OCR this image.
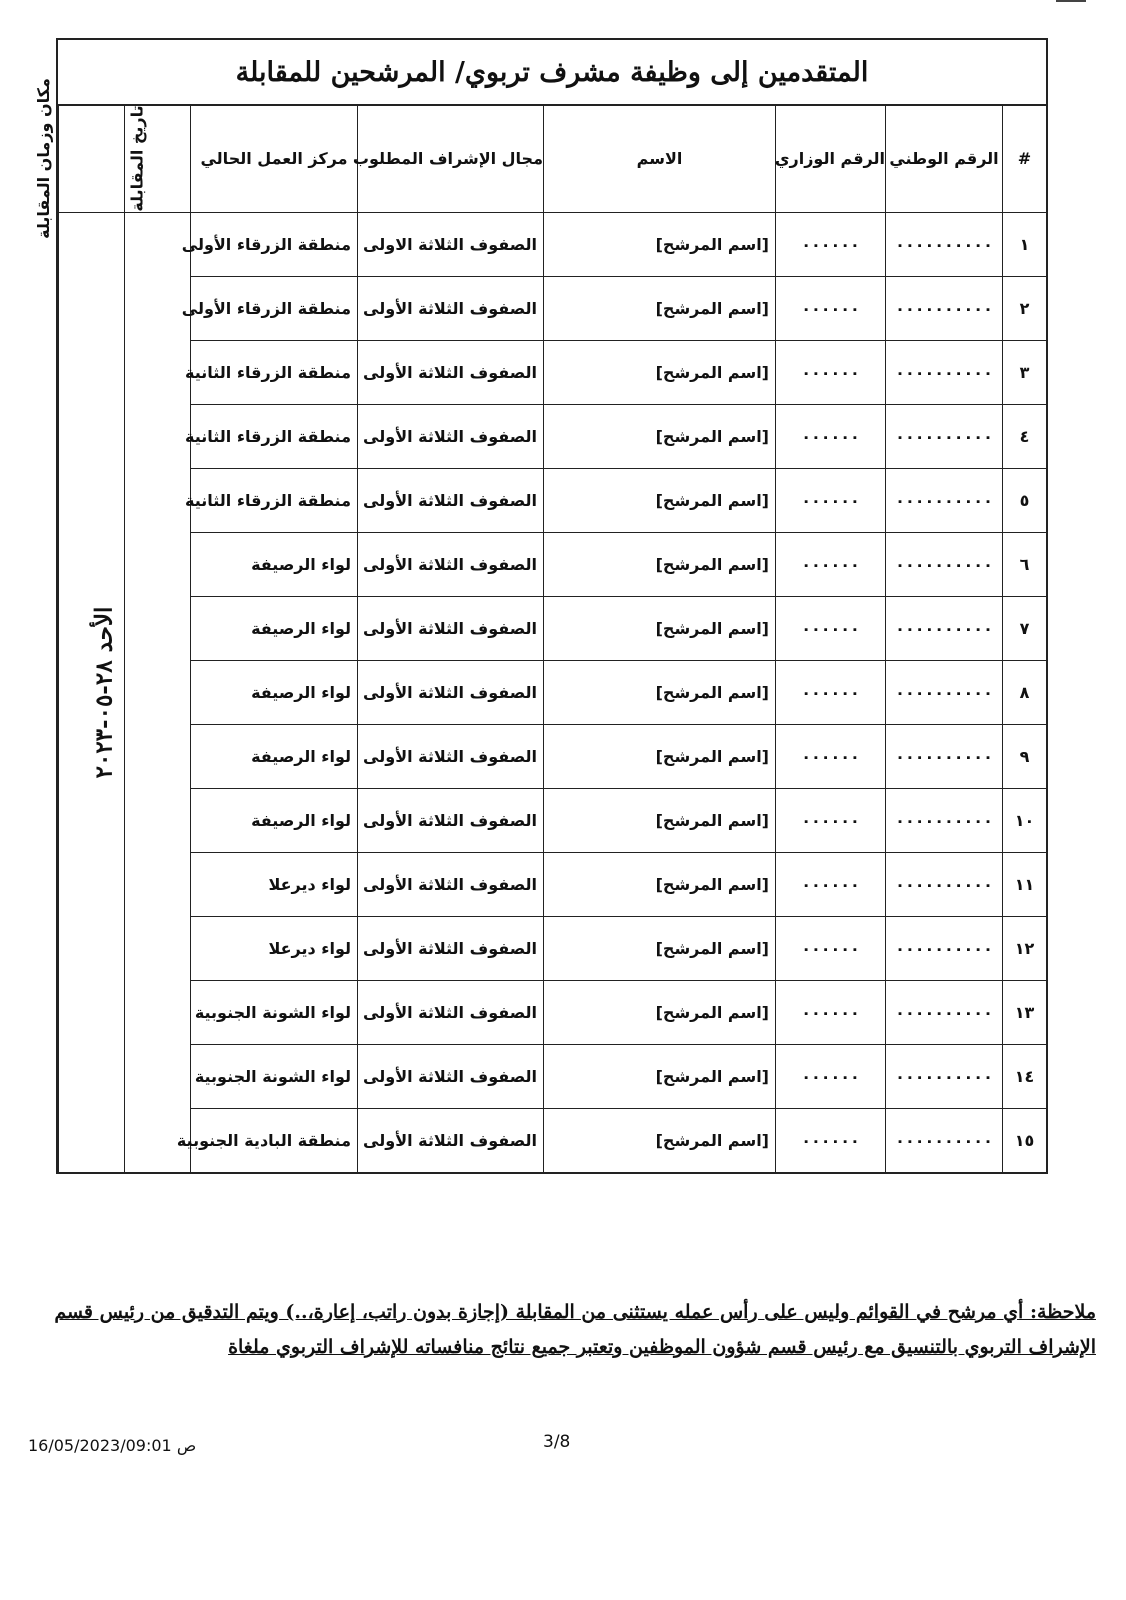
المتقدمين إلى وظيفة مشرف تربوي/ المرشحين للمقابلة
مكان وزمان المقابلة	تاريخ المقابلة	مركز العمل الحالي	مجال الإشراف المطلوب	الاسم	الرقم الوزاري	الرقم الوطني	#
	الأحد ٢٨-٠٥-٢٠٢٣	منطقة الزرقاء الأولى	الصفوف الثلاثة الاولى	[اسم المرشح]	٠٠٠٠٠٠	٠٠٠٠٠٠٠٠٠٠	١
		منطقة الزرقاء الأولى	الصفوف الثلاثة الأولى	[اسم المرشح]	٠٠٠٠٠٠	٠٠٠٠٠٠٠٠٠٠	٢
		منطقة الزرقاء الثانية	الصفوف الثلاثة الأولى	[اسم المرشح]	٠٠٠٠٠٠	٠٠٠٠٠٠٠٠٠٠	٣
		منطقة الزرقاء الثانية	الصفوف الثلاثة الأولى	[اسم المرشح]	٠٠٠٠٠٠	٠٠٠٠٠٠٠٠٠٠	٤
		منطقة الزرقاء الثانية	الصفوف الثلاثة الأولى	[اسم المرشح]	٠٠٠٠٠٠	٠٠٠٠٠٠٠٠٠٠	٥
		لواء الرصيفة	الصفوف الثلاثة الأولى	[اسم المرشح]	٠٠٠٠٠٠	٠٠٠٠٠٠٠٠٠٠	٦
		لواء الرصيفة	الصفوف الثلاثة الأولى	[اسم المرشح]	٠٠٠٠٠٠	٠٠٠٠٠٠٠٠٠٠	٧
		لواء الرصيفة	الصفوف الثلاثة الأولى	[اسم المرشح]	٠٠٠٠٠٠	٠٠٠٠٠٠٠٠٠٠	٨
		لواء الرصيفة	الصفوف الثلاثة الأولى	[اسم المرشح]	٠٠٠٠٠٠	٠٠٠٠٠٠٠٠٠٠	٩
		لواء الرصيفة	الصفوف الثلاثة الأولى	[اسم المرشح]	٠٠٠٠٠٠	٠٠٠٠٠٠٠٠٠٠	١٠
		لواء ديرعلا	الصفوف الثلاثة الأولى	[اسم المرشح]	٠٠٠٠٠٠	٠٠٠٠٠٠٠٠٠٠	١١
		لواء ديرعلا	الصفوف الثلاثة الأولى	[اسم المرشح]	٠٠٠٠٠٠	٠٠٠٠٠٠٠٠٠٠	١٢
		لواء الشونة الجنوبية	الصفوف الثلاثة الأولى	[اسم المرشح]	٠٠٠٠٠٠	٠٠٠٠٠٠٠٠٠٠	١٣
		لواء الشونة الجنوبية	الصفوف الثلاثة الأولى	[اسم المرشح]	٠٠٠٠٠٠	٠٠٠٠٠٠٠٠٠٠	١٤
		منطقة البادية الجنوبية	الصفوف الثلاثة الأولى	[اسم المرشح]	٠٠٠٠٠٠	٠٠٠٠٠٠٠٠٠٠	١٥
ملاحظة: أي مرشح في القوائم وليس على رأس عمله يستثنى من المقابلة (إجازة بدون راتب، إعارة،..) ويتم التدقيق من رئيس قسم الإشراف التربوي بالتنسيق مع رئيس قسم شؤون الموظفين وتعتبر جميع نتائج منافساته للإشراف التربوي ملغاة
16/05/2023/09:01 ص	3/8
